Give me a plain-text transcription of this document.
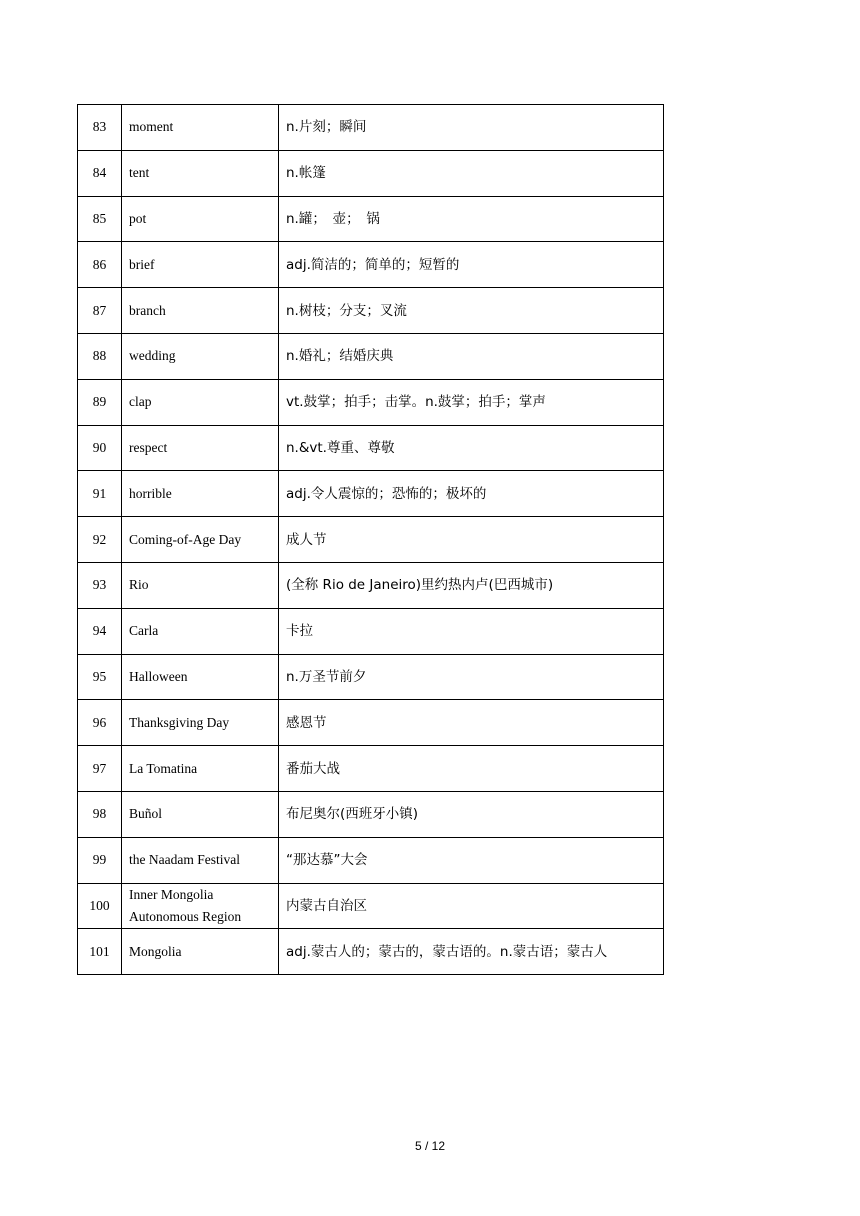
83	moment	n.片刻；瞬间
84	tent	n.帐篷
85	pot	n.罐；　壶；　锅
86	brief	adj.简洁的；简单的；短暂的
87	branch	n.树枝；分支；叉流
88	wedding	n.婚礼；结婚庆典
89	clap	vt.鼓掌；拍手；击掌。n.鼓掌；拍手；掌声
90	respect	n.&vt.尊重、尊敬
91	horrible	adj.令人震惊的；恐怖的；极坏的
92	Coming-of-Age Day	成人节
93	Rio	(全称 Rio de Janeiro)里约热内卢(巴西城市)
94	Carla	卡拉
95	Halloween	n.万圣节前夕
96	Thanksgiving Day	感恩节
97	La Tomatina	番茄大战
98	Buñol	布尼奥尔(西班牙小镇)
99	the Naadam Festival	“那达慕”大会
100	Inner Mongolia Autonomous Region	内蒙古自治区
101	Mongolia	adj.蒙古人的；蒙古的，蒙古语的。n.蒙古语；蒙古人
5 / 12
